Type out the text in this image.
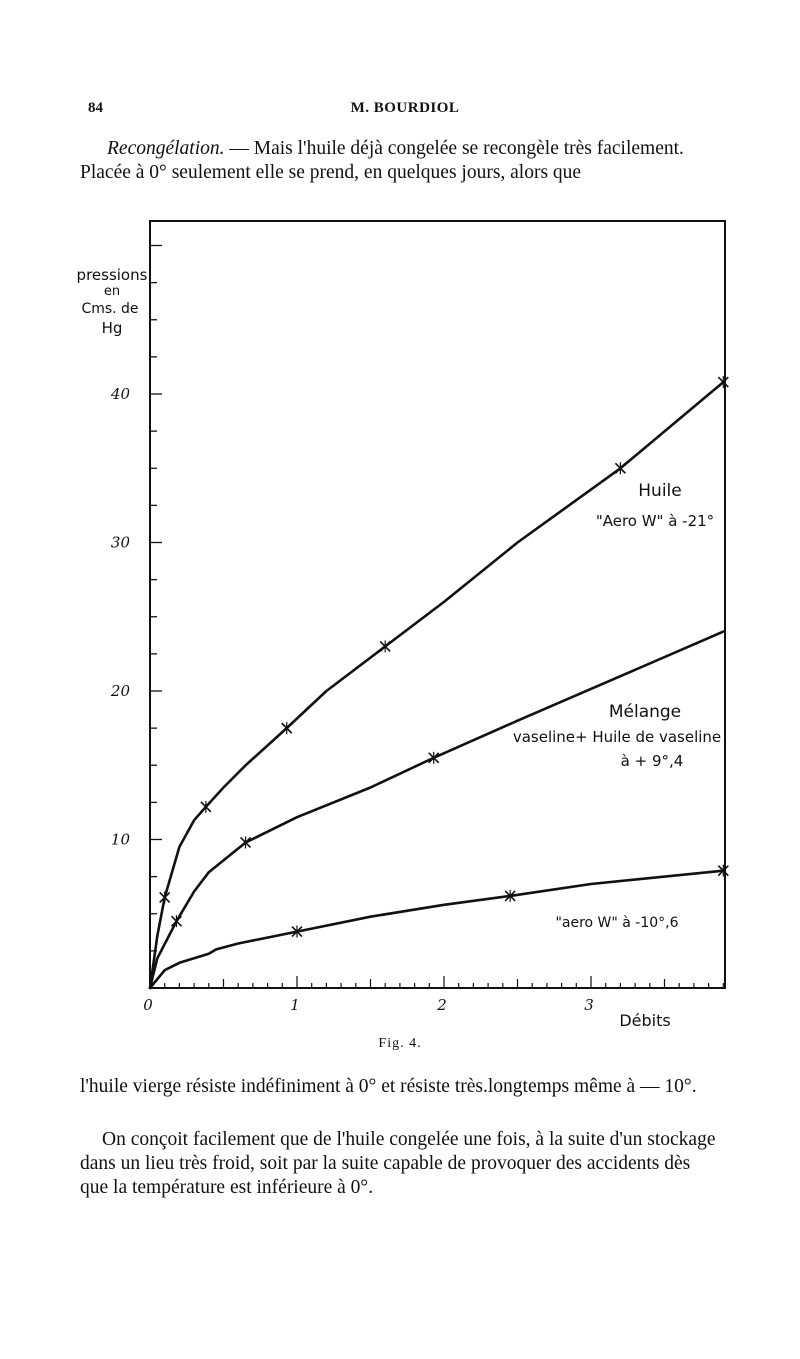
84	M. BOURDIOL

Recongélation. — Mais l'huile déjà congelée se recongèle très facilement. Placée à 0° seulement elle se prend, en quelques jours, alors que

10
20
30
40
0	1	2	3
Débits
pressions
en
Cms. de
Hg
Huile
"Aero W" à -21°
Mélange
vaseline+ Huile de vaseline
à + 9°,4
"aero W" à -10°,6
Fig. 4.

l'huile vierge résiste indéfiniment à 0° et résiste très.longtemps même à — 10°.

On conçoit facilement que de l'huile congelée une fois, à la suite d'un stockage dans un lieu très froid, soit par la suite capable de provoquer des accidents dès que la température est inférieure à 0°.
